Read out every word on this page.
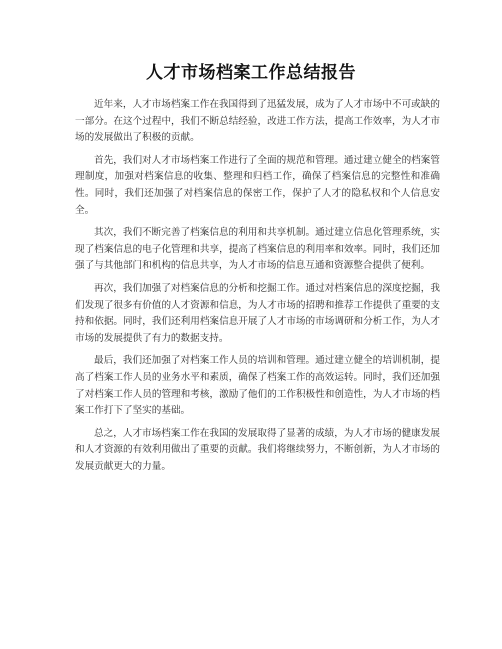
人才市场档案工作总结报告

近年来，人才市场档案工作在我国得到了迅猛发展，成为了人才市场中不可或缺的一部分。在这个过程中，我们不断总结经验，改进工作方法，提高工作效率，为人才市场的发展做出了积极的贡献。

首先，我们对人才市场档案工作进行了全面的规范和管理。通过建立健全的档案管理制度，加强对档案信息的收集、整理和归档工作，确保了档案信息的完整性和准确性。同时，我们还加强了对档案信息的保密工作，保护了人才的隐私权和个人信息安全。

其次，我们不断完善了档案信息的利用和共享机制。通过建立信息化管理系统，实现了档案信息的电子化管理和共享，提高了档案信息的利用率和效率。同时，我们还加强了与其他部门和机构的信息共享，为人才市场的信息互通和资源整合提供了便利。

再次，我们加强了对档案信息的分析和挖掘工作。通过对档案信息的深度挖掘，我们发现了很多有价值的人才资源和信息，为人才市场的招聘和推荐工作提供了重要的支持和依据。同时，我们还利用档案信息开展了人才市场的市场调研和分析工作，为人才市场的发展提供了有力的数据支持。

最后，我们还加强了对档案工作人员的培训和管理。通过建立健全的培训机制，提高了档案工作人员的业务水平和素质，确保了档案工作的高效运转。同时，我们还加强了对档案工作人员的管理和考核，激励了他们的工作积极性和创造性，为人才市场的档案工作打下了坚实的基础。

总之，人才市场档案工作在我国的发展取得了显著的成绩，为人才市场的健康发展和人才资源的有效利用做出了重要的贡献。我们将继续努力，不断创新，为人才市场的发展贡献更大的力量。
